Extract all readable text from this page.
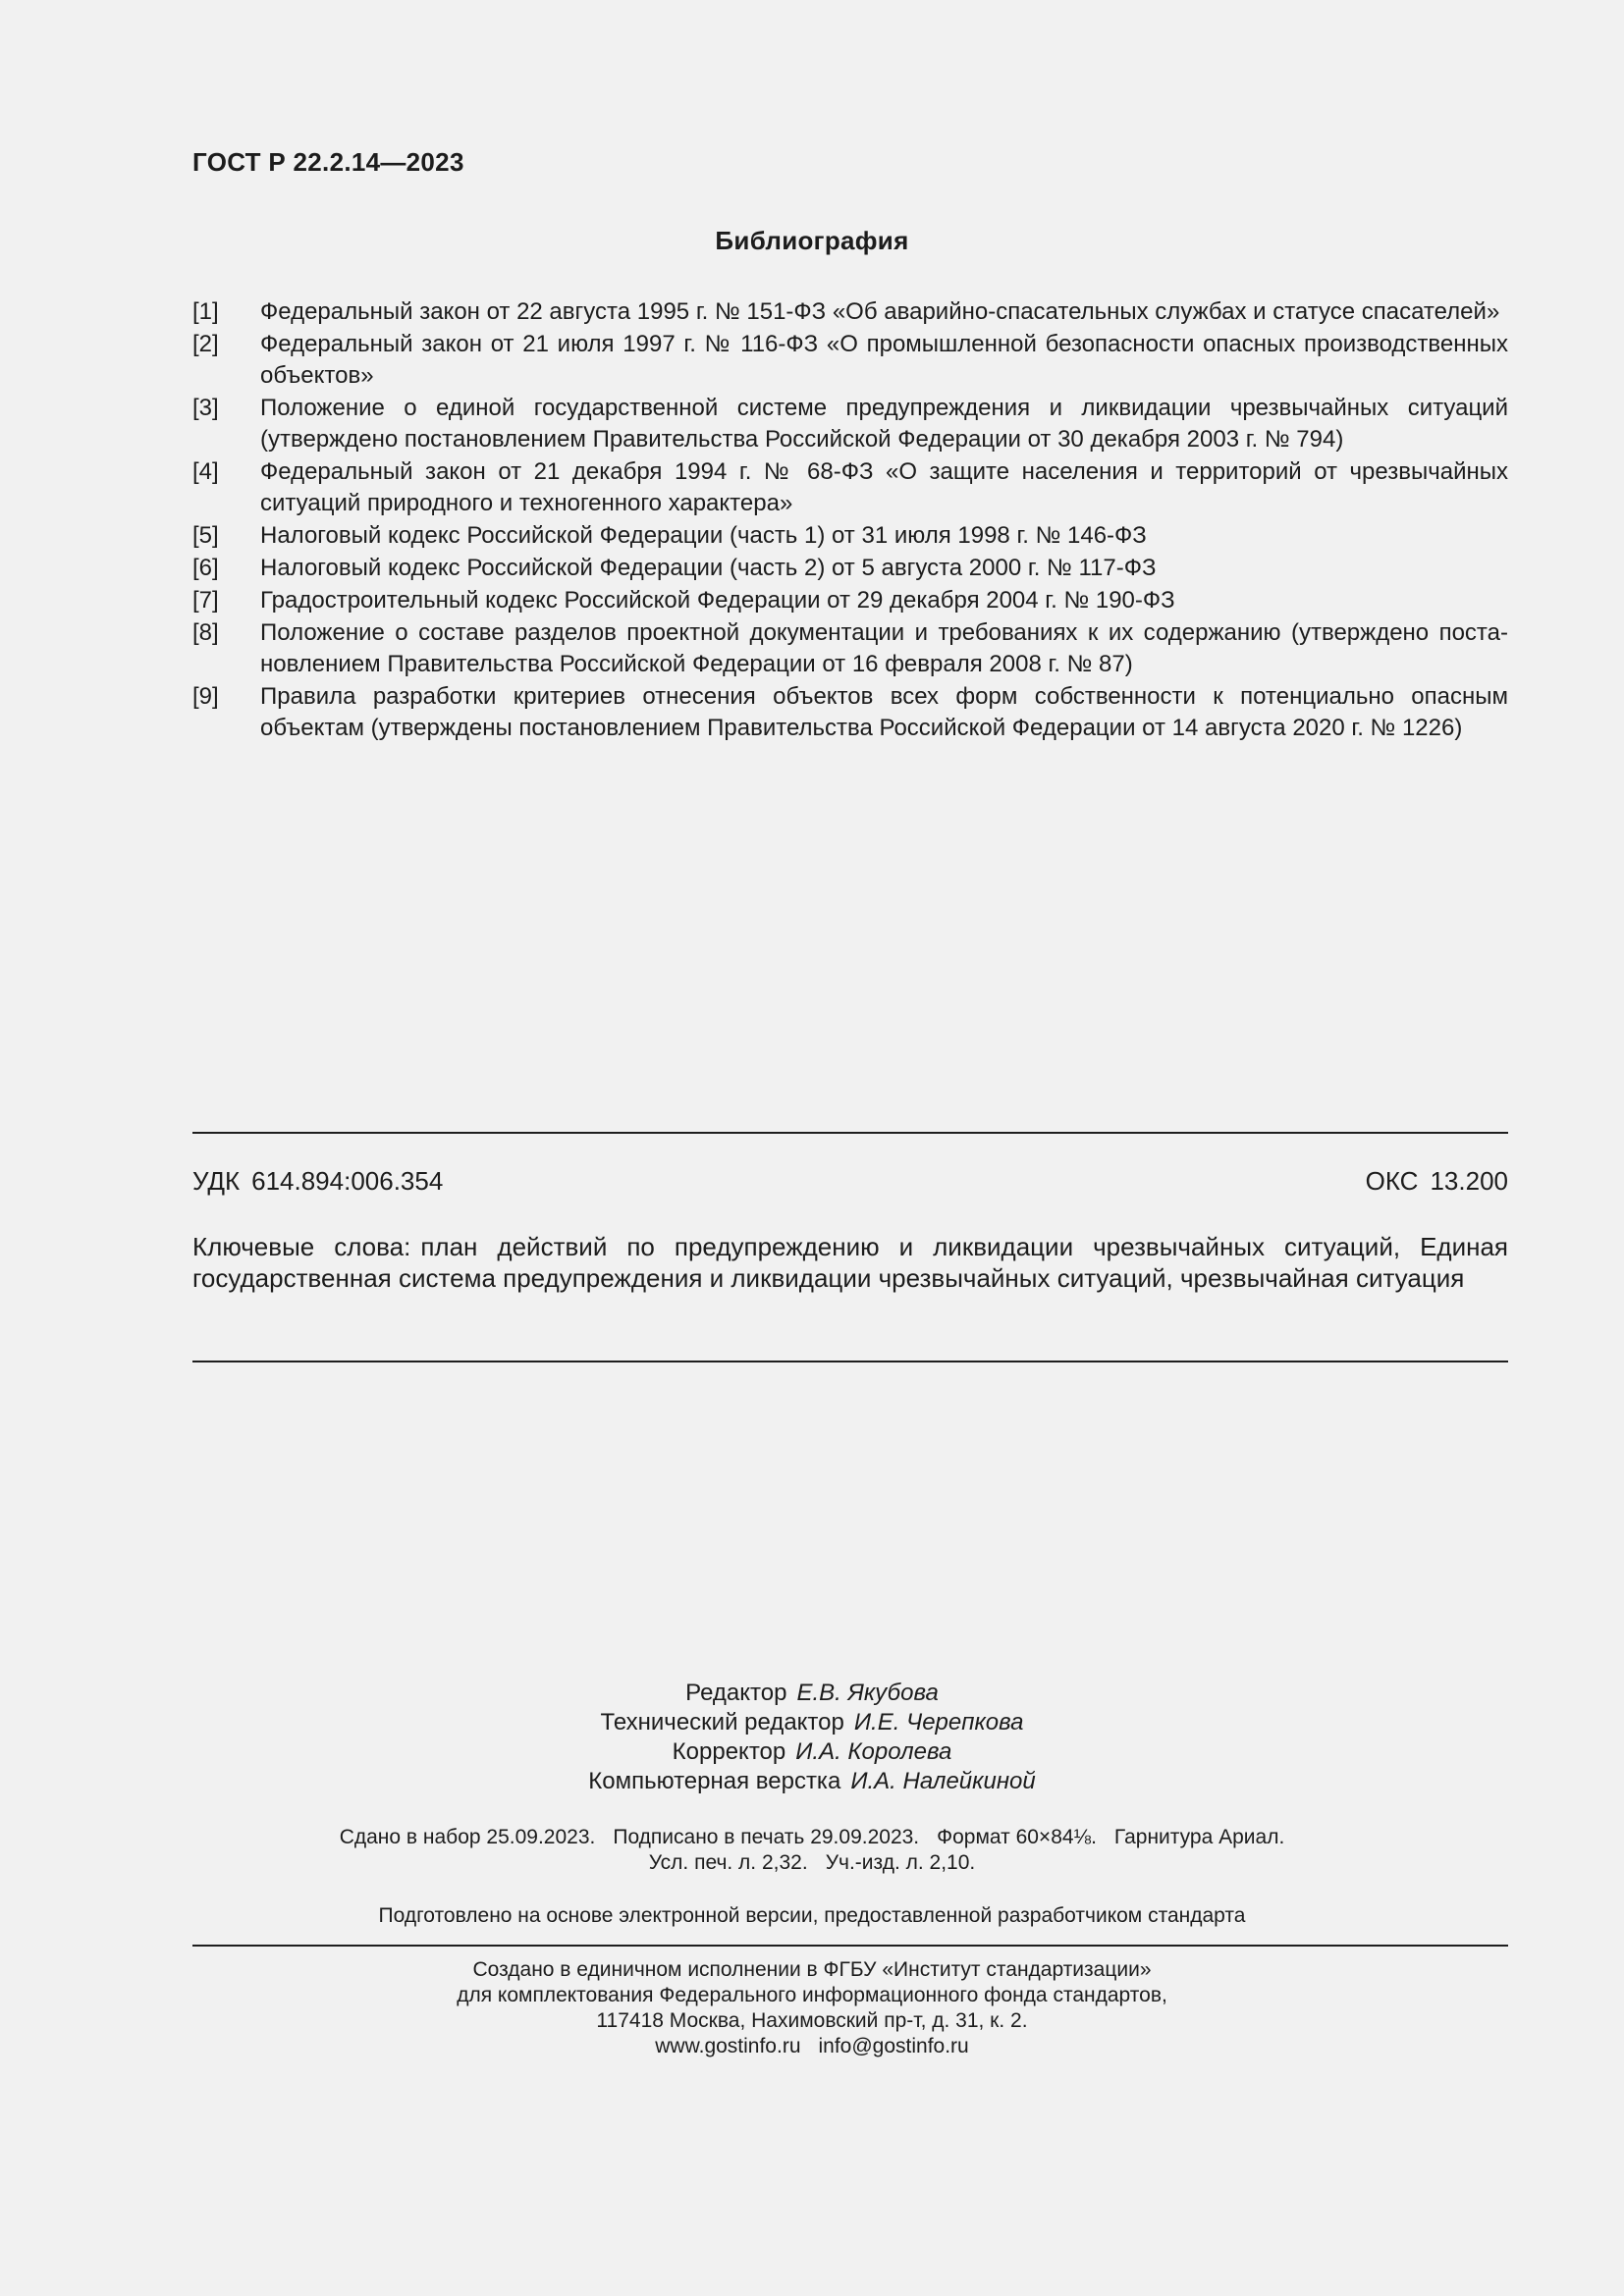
ГОСТ Р 22.2.14—2023
Библиография
[1]	Федеральный закон от 22 августа 1995 г. № 151-ФЗ «Об аварийно-спасательных службах и статусе спасателей»
[2]	Федеральный закон от 21 июля 1997 г. № 116-ФЗ «О промышленной безопасности опасных производственных объектов»
[3]	Положение о единой государственной системе предупреждения и ликвидации чрезвычайных ситуаций (утверждено постановлением Правительства Российской Федерации от 30 декабря 2003 г. № 794)
[4]	Федеральный закон от 21 декабря 1994 г. № 68-ФЗ «О защите населения и территорий от чрезвычайных ситуаций природного и техногенного характера»
[5]	Налоговый кодекс Российской Федерации (часть 1) от 31 июля 1998 г. № 146-ФЗ
[6]	Налоговый кодекс Российской Федерации (часть 2) от 5 августа 2000 г. № 117-ФЗ
[7]	Градостроительный кодекс Российской Федерации от 29 декабря 2004 г. № 190-ФЗ
[8]	Положение о составе разделов проектной документации и требованиях к их содержанию (утверждено постановлением Правительства Российской Федерации от 16 февраля 2008 г. № 87)
[9]	Правила разработки критериев отнесения объектов всех форм собственности к потенциально опасным объектам (утверждены постановлением Правительства Российской Федерации от 14 августа 2020 г. № 1226)
УДК 614.894:006.354	ОКС 13.200
Ключевые слова: план действий по предупреждению и ликвидации чрезвычайных ситуаций, Единая государственная система предупреждения и ликвидации чрезвычайных ситуаций, чрезвычайная ситуация
Редактор Е.В. Якубова
Технический редактор И.Е. Черепкова
Корректор И.А. Королева
Компьютерная верстка И.А. Налейкиной
Сдано в набор 25.09.2023. Подписано в печать 29.09.2023. Формат 60×84⅛. Гарнитура Ариал.
Усл. печ. л. 2,32. Уч.-изд. л. 2,10.
Подготовлено на основе электронной версии, предоставленной разработчиком стандарта
Создано в единичном исполнении в ФГБУ «Институт стандартизации»
для комплектования Федерального информационного фонда стандартов,
117418 Москва, Нахимовский пр-т, д. 31, к. 2.
www.gostinfo.ru info@gostinfo.ru
